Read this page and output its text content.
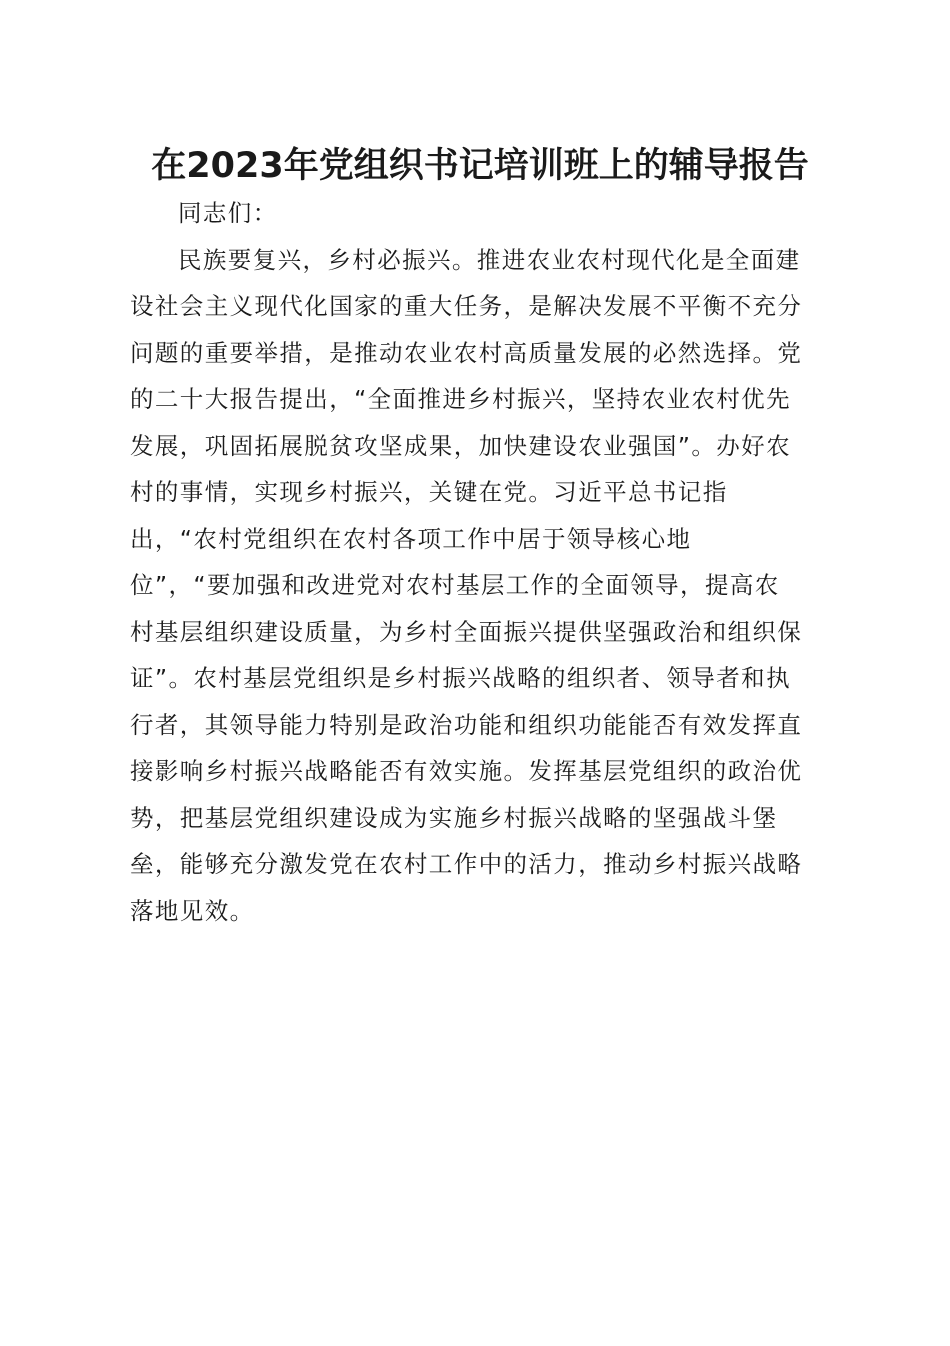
在2023年党组织书记培训班上的辅导报告
同志们：
民族要复兴，乡村必振兴。推进农业农村现代化是全面建
设社会主义现代化国家的重大任务，是解决发展不平衡不充分
问题的重要举措，是推动农业农村高质量发展的必然选择。党
的二十大报告提出，“全面推进乡村振兴，坚持农业农村优先
发展，巩固拓展脱贫攻坚成果，加快建设农业强国”。办好农
村的事情，实现乡村振兴，关键在党。习近平总书记指
出，“农村党组织在农村各项工作中居于领导核心地
位”，“要加强和改进党对农村基层工作的全面领导，提高农
村基层组织建设质量，为乡村全面振兴提供坚强政治和组织保
证”。农村基层党组织是乡村振兴战略的组织者、领导者和执
行者，其领导能力特别是政治功能和组织功能能否有效发挥直
接影响乡村振兴战略能否有效实施。发挥基层党组织的政治优
势，把基层党组织建设成为实施乡村振兴战略的坚强战斗堡
垒，能够充分激发党在农村工作中的活力，推动乡村振兴战略
落地见效。
